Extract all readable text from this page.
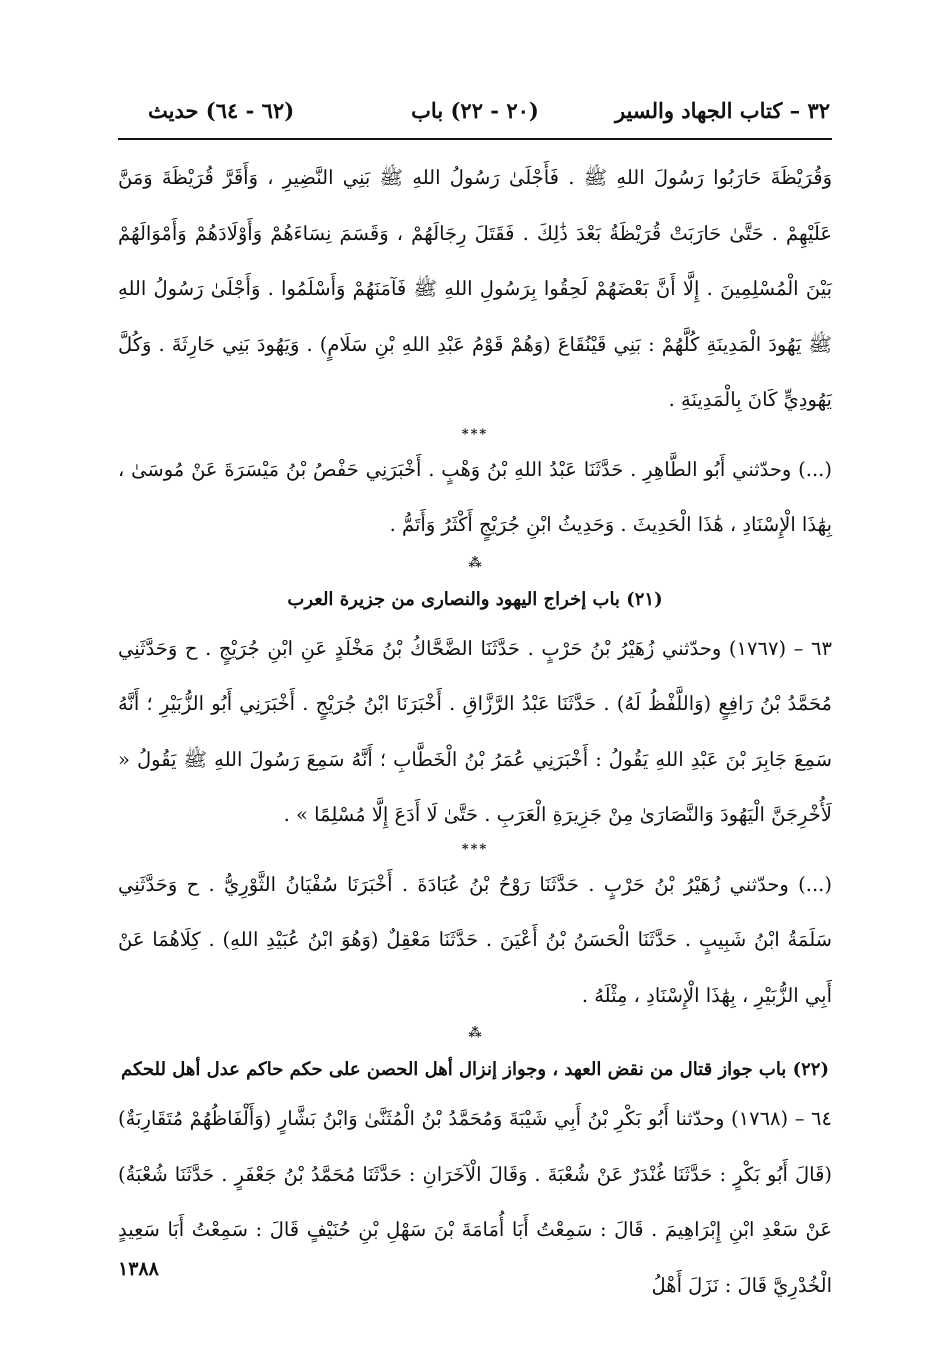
٣٢ – كتاب الجهاد والسير
(٢٠ - ٢٢) باب
(٦٢ - ٦٤) حديث

وَقُرَيْظَةَ حَارَبُوا رَسُولَ اللهِ ﷺ . فَأَجْلَىٰ رَسُولُ اللهِ ﷺ بَنِي النَّضِيرِ ، وَأَقَرَّ قُرَيْظَةَ وَمَنَّ عَلَيْهِمْ . حَتَّىٰ حَارَبَتْ قُرَيْظَةُ بَعْدَ ذَٰلِكَ . فَقَتَلَ رِجَالَهُمْ ، وَقَسَمَ نِسَاءَهُمْ وَأَوْلَادَهُمْ وَأَمْوَالَهُمْ بَيْنَ الْمُسْلِمِينَ . إِلَّا أَنَّ بَعْضَهُمْ لَحِقُوا بِرَسُولِ اللهِ ﷺ فَآمَنَهُمْ وَأَسْلَمُوا . وَأَجْلَىٰ رَسُولُ اللهِ ﷺ يَهُودَ الْمَدِينَةِ كُلَّهُمْ : بَنِي قَيْنُقَاعَ (وَهُمْ قَوْمُ عَبْدِ اللهِ بْنِ سَلَامٍ) . وَيَهُودَ بَنِي حَارِثَةَ . وَكُلَّ يَهُودِيٍّ كَانَ بِالْمَدِينَةِ .

***

(...) وحدّثني أَبُو الطَّاهِرِ . حَدَّثَنَا عَبْدُ اللهِ بْنُ وَهْبٍ . أَخْبَرَنِي حَفْصُ بْنُ مَيْسَرَةَ عَنْ مُوسَىٰ ، بِهَٰذَا الْإِسْنَادِ ، هَٰذَا الْحَدِيثَ . وَحَدِيثُ ابْنِ جُرَيْجٍ أَكْثَرُ وَأَتَمُّ .

⁂

(٢١) باب إخراج اليهود والنصارى من جزيرة العرب

٦٣ – (١٧٦٧) وحدّثني زُهَيْرُ بْنُ حَرْبٍ . حَدَّثَنَا الضَّحَّاكُ بْنُ مَخْلَدٍ عَنِ ابْنِ جُرَيْجٍ . ح وَحَدَّثَنِي مُحَمَّدُ بْنُ رَافِعٍ (وَاللَّفْظُ لَهُ) . حَدَّثَنَا عَبْدُ الرَّزَّاقِ . أَخْبَرَنَا ابْنُ جُرَيْجٍ . أَخْبَرَنِي أَبُو الزُّبَيْرِ ؛ أَنَّهُ سَمِعَ جَابِرَ بْنَ عَبْدِ اللهِ يَقُولُ : أَخْبَرَنِي عُمَرُ بْنُ الْخَطَّابِ ؛ أَنَّهُ سَمِعَ رَسُولَ اللهِ ﷺ يَقُولُ « لَأُخْرِجَنَّ الْيَهُودَ وَالنَّصَارَىٰ مِنْ جَزِيرَةِ الْعَرَبِ . حَتَّىٰ لَا أَدَعَ إِلَّا مُسْلِمًا » .

***

(...) وحدّثني زُهَيْرُ بْنُ حَرْبٍ . حَدَّثَنَا رَوْحُ بْنُ عُبَادَةَ . أَخْبَرَنَا سُفْيَانُ الثَّوْرِيُّ . ح وَحَدَّثَنِي سَلَمَةُ ابْنُ شَبِيبٍ . حَدَّثَنَا الْحَسَنُ بْنُ أَعْيَنَ . حَدَّثَنَا مَعْقِلٌ (وَهُوَ ابْنُ عُبَيْدِ اللهِ) . كِلَاهُمَا عَنْ أَبِي الزُّبَيْرِ ، بِهَٰذَا الْإِسْنَادِ ، مِثْلَهُ .

⁂

(٢٢) باب جواز قتال من نقض العهد ، وجواز إنزال أهل الحصن على حكم حاكم عدل أهل للحكم

٦٤ – (١٧٦٨) وحدّثنا أَبُو بَكْرِ بْنُ أَبِي شَيْبَةَ وَمُحَمَّدُ بْنُ الْمُثَنَّىٰ وَابْنُ بَشَّارٍ (وَأَلْفَاظُهُمْ مُتَقَارِبَةٌ) (قَالَ أَبُو بَكْرٍ : حَدَّثَنَا غُنْدَرٌ عَنْ شُعْبَةَ . وَقَالَ الْآخَرَانِ : حَدَّثَنَا مُحَمَّدُ بْنُ جَعْفَرٍ . حَدَّثَنَا شُعْبَةُ) عَنْ سَعْدِ ابْنِ إِبْرَاهِيمَ . قَالَ : سَمِعْتُ أَبَا أُمَامَةَ بْنَ سَهْلِ بْنِ حُنَيْفٍ قَالَ : سَمِعْتُ أَبَا سَعِيدٍ الْخُدْرِيَّ قَالَ : نَزَلَ أَهْلُ

١٣٨٨
